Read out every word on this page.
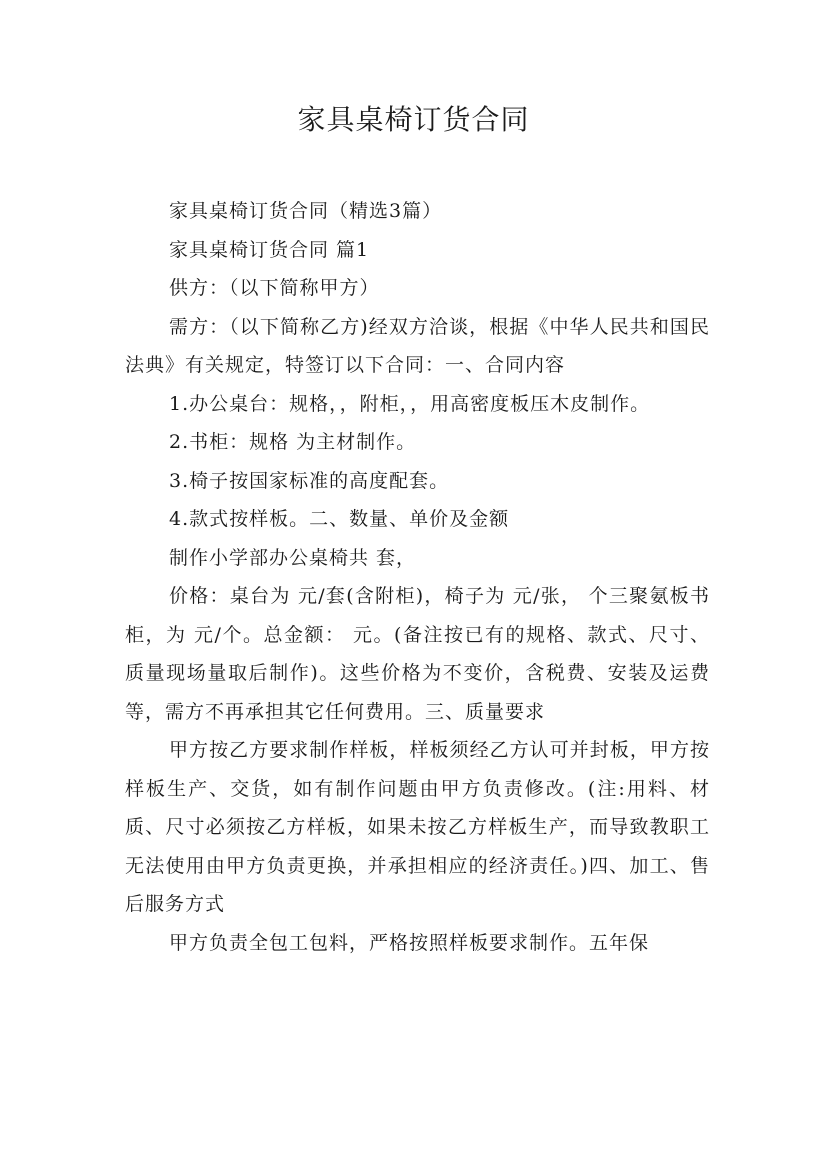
家具桌椅订货合同

家具桌椅订货合同（精选3篇）

家具桌椅订货合同 篇1

供方：（以下简称甲方）

需方：（以下简称乙方)经双方洽谈，根据《中华人民共和国民法典》有关规定，特签订以下合同：一、合同内容

1.办公桌台：规格，，附柜，，用高密度板压木皮制作。

2.书柜：规格 为主材制作。

3.椅子按国家标准的高度配套。

4.款式按样板。二、数量、单价及金额

制作小学部办公桌椅共 套，

价格：桌台为 元/套(含附柜)，椅子为 元/张， 个三聚氨板书柜，为 元/个。总金额： 元。(备注按已有的规格、款式、尺寸、质量现场量取后制作)。这些价格为不变价，含税费、安装及运费等，需方不再承担其它任何费用。三、质量要求

甲方按乙方要求制作样板，样板须经乙方认可并封板，甲方按样板生产、交货，如有制作问题由甲方负责修改。(注:用料、材质、尺寸必须按乙方样板，如果未按乙方样板生产，而导致教职工无法使用由甲方负责更换，并承担相应的经济责任。)四、加工、售后服务方式

甲方负责全包工包料，严格按照样板要求制作。五年保
